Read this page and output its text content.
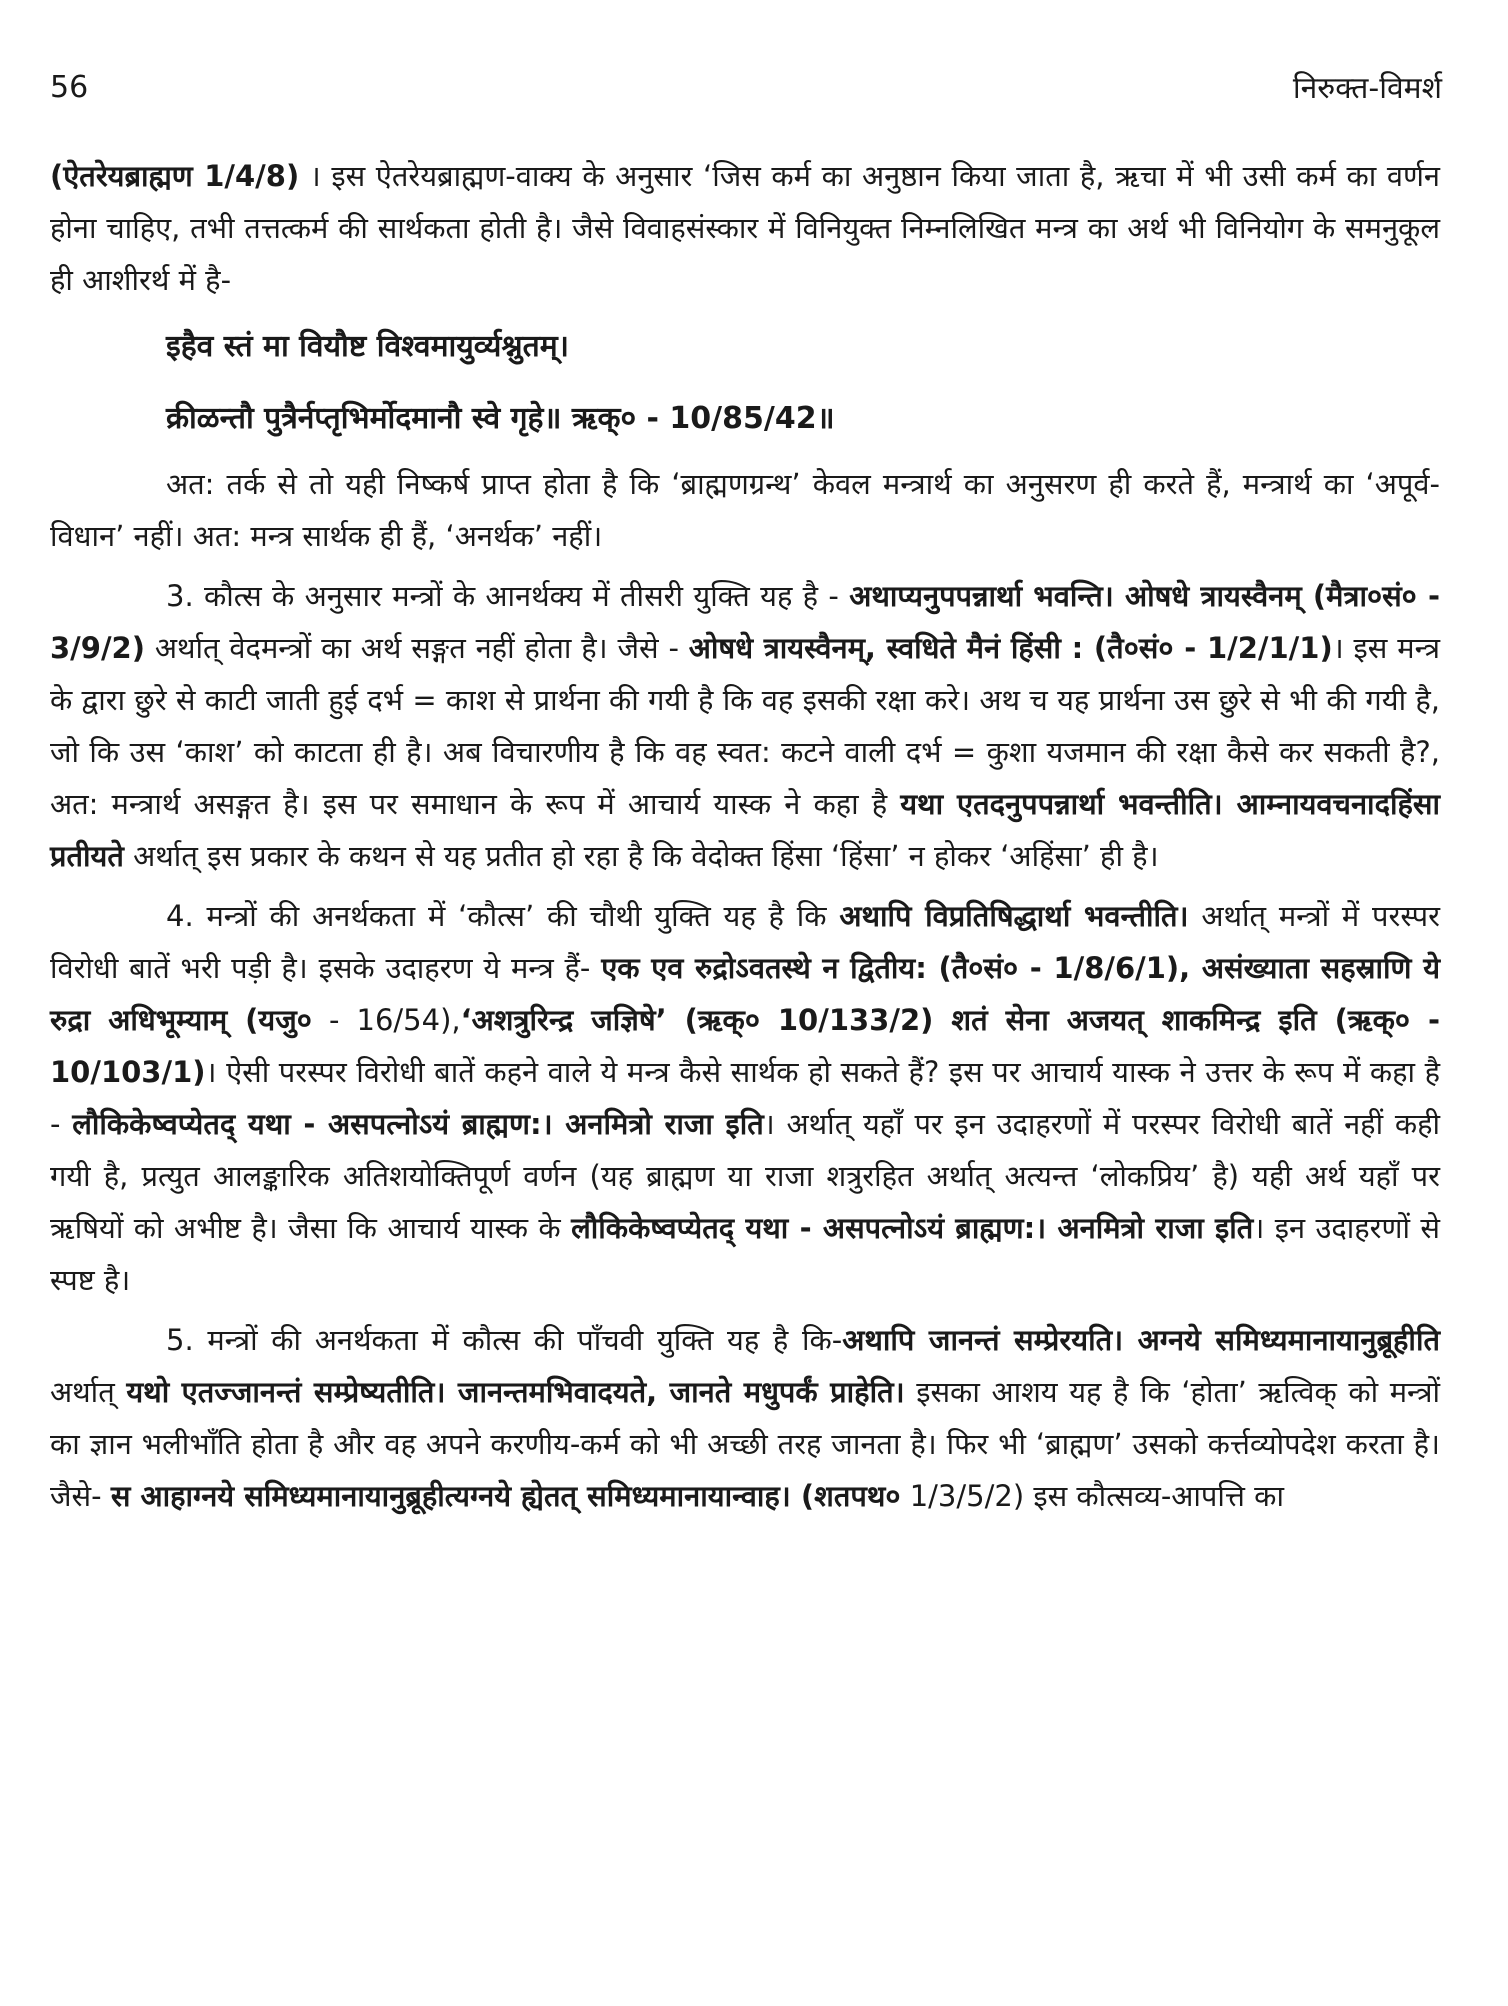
56	निरुक्त-विमर्श

(ऐतरेयब्राह्मण 1/4/8) । इस ऐतरेयब्राह्मण-वाक्य के अनुसार ‘जिस कर्म का अनुष्ठान किया जाता है, ऋचा में भी उसी कर्म का वर्णन होना चाहिए, तभी तत्तत्कर्म की सार्थकता होती है। जैसे विवाहसंस्कार में विनियुक्त निम्नलिखित मन्त्र का अर्थ भी विनियोग के समनुकूल ही आशीरर्थ में है-

इहैव स्तं मा वियौष्ट विश्वमायुर्व्यश्नुतम्।

क्रीळन्तौ पुत्रैर्नप्तृभिर्मोदमानौ स्वे गृहे॥ ऋक्० - 10/85/42॥

अत: तर्क से तो यही निष्कर्ष प्राप्त होता है कि ‘ब्राह्मणग्रन्थ’ केवल मन्त्रार्थ का अनुसरण ही करते हैं, मन्त्रार्थ का ‘अपूर्व-विधान’ नहीं। अत: मन्त्र सार्थक ही हैं, ‘अनर्थक’ नहीं।

3. कौत्स के अनुसार मन्त्रों के आनर्थक्य में तीसरी युक्ति यह है - अथाप्यनुपपन्नार्था भवन्ति। ओषधे त्रायस्वैनम् (मैत्रा०सं० - 3/9/2) अर्थात् वेदमन्त्रों का अर्थ सङ्गत नहीं होता है। जैसे - ओषधे त्रायस्वैनम्, स्वधिते मैनं हिंसी : (तै०सं० - 1/2/1/1)। इस मन्त्र के द्वारा छुरे से काटी जाती हुई दर्भ = काश से प्रार्थना की गयी है कि वह इसकी रक्षा करे। अथ च यह प्रार्थना उस छुरे से भी की गयी है, जो कि उस ‘काश’ को काटता ही है। अब विचारणीय है कि वह स्वत: कटने वाली दर्भ = कुशा यजमान की रक्षा कैसे कर सकती है?, अत: मन्त्रार्थ असङ्गत है। इस पर समाधान के रूप में आचार्य यास्क ने कहा है यथा एतदनुपपन्नार्था भवन्तीति। आम्नायवचनादहिंसा प्रतीयते अर्थात् इस प्रकार के कथन से यह प्रतीत हो रहा है कि वेदोक्त हिंसा ‘हिंसा’ न होकर ‘अहिंसा’ ही है।

4. मन्त्रों की अनर्थकता में ‘कौत्स’ की चौथी युक्ति यह है कि अथापि विप्रतिषिद्धार्था भवन्तीति। अर्थात् मन्त्रों में परस्पर विरोधी बातें भरी पड़ी है। इसके उदाहरण ये मन्त्र हैं- एक एव रुद्रोऽवतस्थे न द्वितीय: (तै०सं० - 1/8/6/1), असंख्याता सहस्राणि ये रुद्रा अधिभूम्याम् (यजु० - 16/54),‘अशत्रुरिन्द्र जज्ञिषे’ (ऋक्० 10/133/2) शतं सेना अजयत् शाकमिन्द्र इति (ऋक्० - 10/103/1)। ऐसी परस्पर विरोधी बातें कहने वाले ये मन्त्र कैसे सार्थक हो सकते हैं? इस पर आचार्य यास्क ने उत्तर के रूप में कहा है - लौकिकेष्वप्येतद् यथा - असपत्नोऽयं ब्राह्मण:। अनमित्रो राजा इति। अर्थात् यहाँ पर इन उदाहरणों में परस्पर विरोधी बातें नहीं कही गयी है, प्रत्युत आलङ्कारिक अतिशयोक्तिपूर्ण वर्णन (यह ब्राह्मण या राजा शत्रुरहित अर्थात् अत्यन्त ‘लोकप्रिय’ है) यही अर्थ यहाँ पर ऋषियों को अभीष्ट है। जैसा कि आचार्य यास्क के लौकिकेष्वप्येतद् यथा - असपत्नोऽयं ब्राह्मण:। अनमित्रो राजा इति। इन उदाहरणों से स्पष्ट है।

5. मन्त्रों की अनर्थकता में कौत्स की पाँचवी युक्ति यह है कि-अथापि जानन्तं सम्प्रेरयति। अग्नये समिध्यमानायानुब्रूहीति अर्थात् यथो एतज्जानन्तं सम्प्रेष्यतीति। जानन्तमभिवादयते, जानते मधुपर्कं प्राहेति। इसका आशय यह है कि ‘होता’ ऋत्विक् को मन्त्रों का ज्ञान भलीभाँति होता है और वह अपने करणीय-कर्म को भी अच्छी तरह जानता है। फिर भी ‘ब्राह्मण’ उसको कर्त्तव्योपदेश करता है। जैसे- स आहाग्नये समिध्यमानायानुब्रूहीत्यग्नये ह्येतत् समिध्यमानायान्वाह। (शतपथ० 1/3/5/2) इस कौत्सव्य-आपत्ति का
